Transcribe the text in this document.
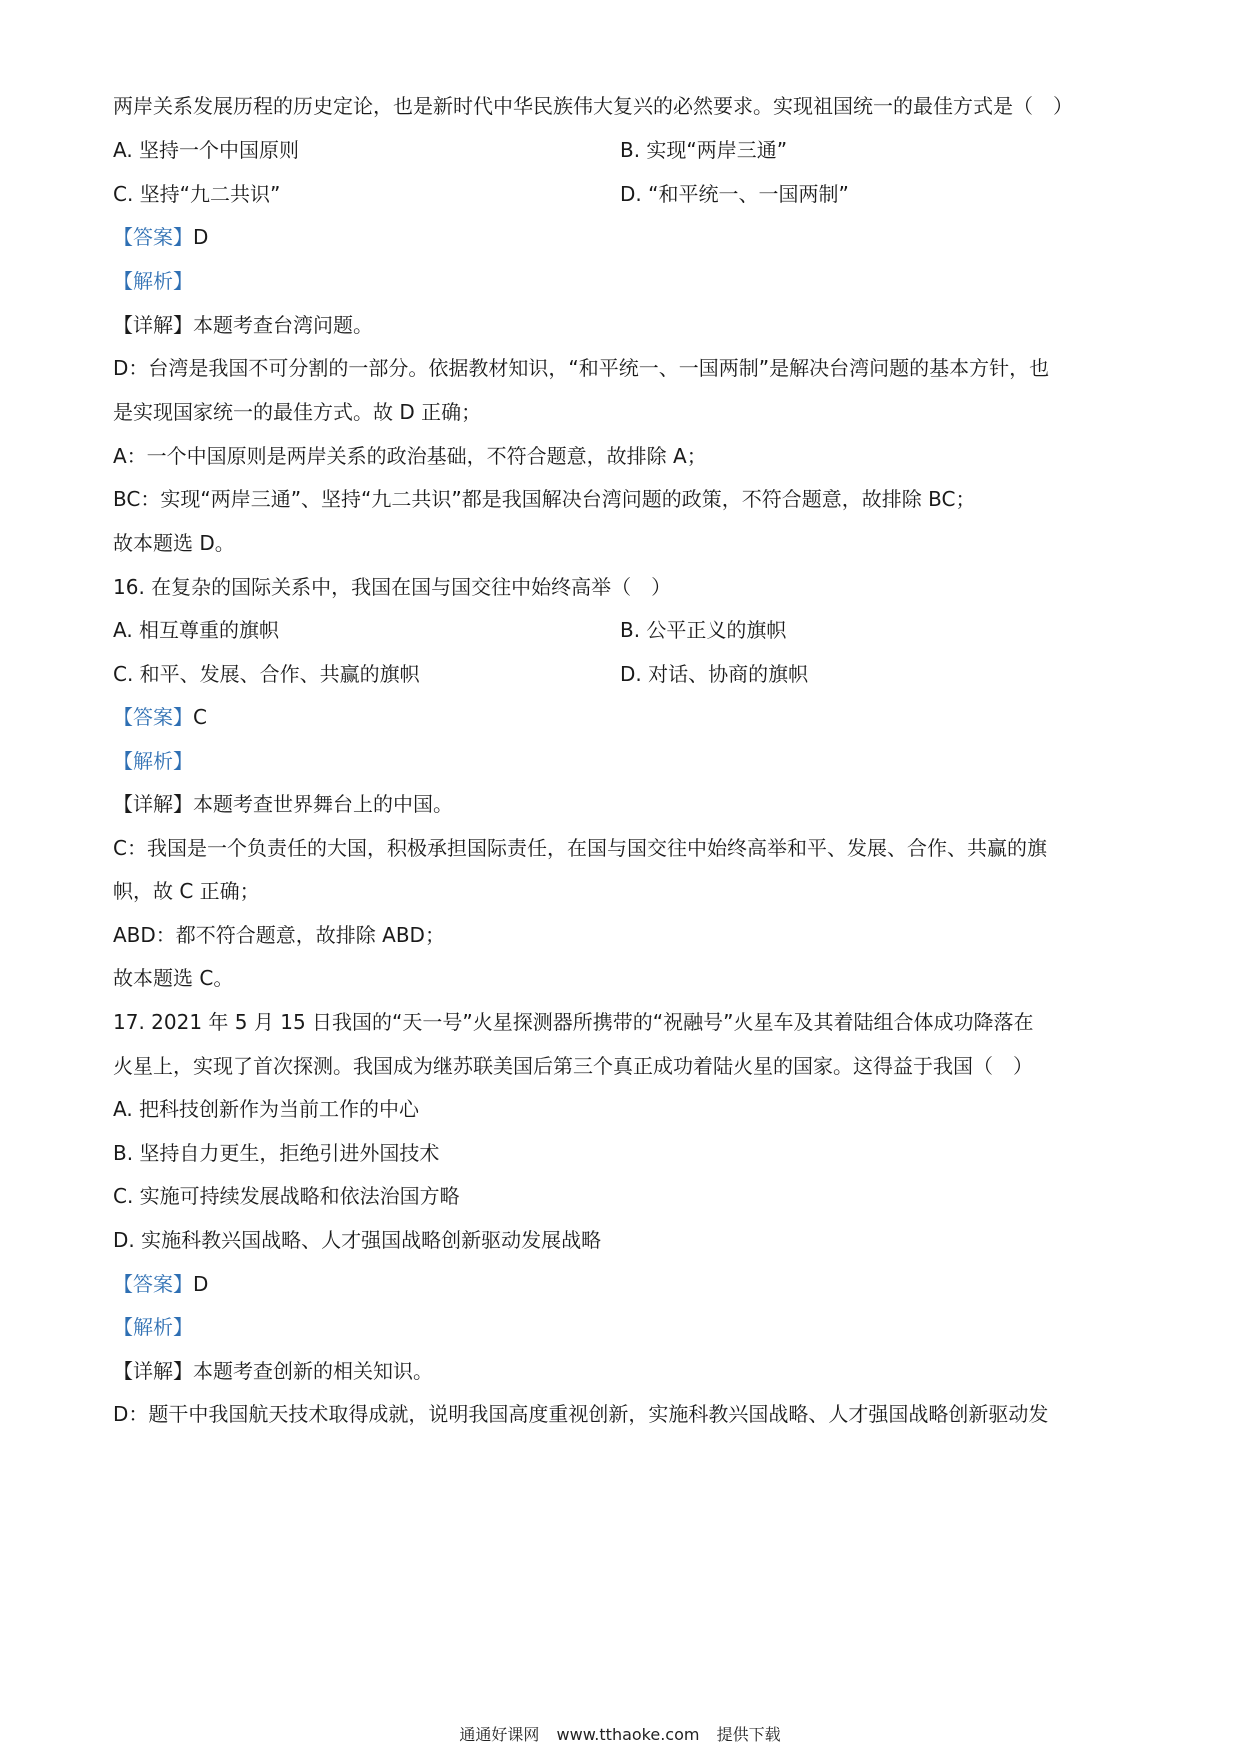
两岸关系发展历程的历史定论，也是新时代中华民族伟大复兴的必然要求。实现祖国统一的最佳方式是（　）
A. 坚持一个中国原则	B. 实现“两岸三通”
C. 坚持“九二共识”	D. “和平统一、一国两制”
【答案】D
【解析】
【详解】本题考查台湾问题。
D：台湾是我国不可分割的一部分。依据教材知识，“和平统一、一国两制”是解决台湾问题的基本方针，也
是实现国家统一的最佳方式。故 D 正确；
A：一个中国原则是两岸关系的政治基础，不符合题意，故排除 A；
BC：实现“两岸三通”、坚持“九二共识”都是我国解决台湾问题的政策，不符合题意，故排除 BC；
故本题选 D。
16. 在复杂的国际关系中，我国在国与国交往中始终高举（　）
A. 相互尊重的旗帜	B. 公平正义的旗帜
C. 和平、发展、合作、共赢的旗帜	D. 对话、协商的旗帜
【答案】C
【解析】
【详解】本题考查世界舞台上的中国。
C：我国是一个负责任的大国，积极承担国际责任，在国与国交往中始终高举和平、发展、合作、共赢的旗
帜，故 C 正确；
ABD：都不符合题意，故排除 ABD；
故本题选 C。
17. 2021 年 5 月 15 日我国的“天一号”火星探测器所携带的“祝融号”火星车及其着陆组合体成功降落在
火星上，实现了首次探测。我国成为继苏联美国后第三个真正成功着陆火星的国家。这得益于我国（　）
A. 把科技创新作为当前工作的中心
B. 坚持自力更生，拒绝引进外国技术
C. 实施可持续发展战略和依法治国方略
D. 实施科教兴国战略、人才强国战略创新驱动发展战略
【答案】D
【解析】
【详解】本题考查创新的相关知识。
D：题干中我国航天技术取得成就，说明我国高度重视创新，实施科教兴国战略、人才强国战略创新驱动发
通通好课网 www.tthaoke.com 提供下载
